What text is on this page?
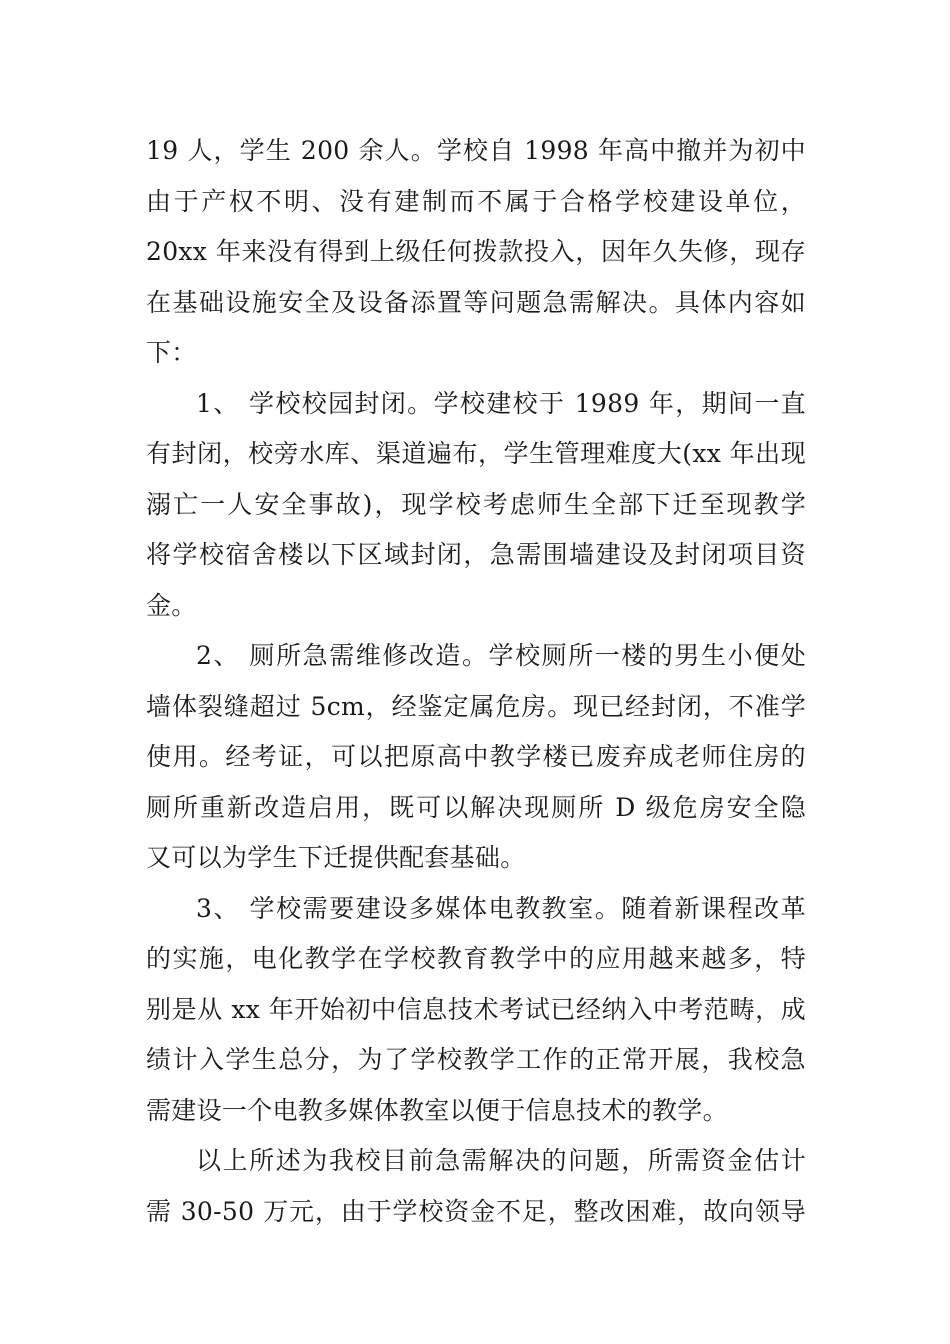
19 人，学生 200 余人。学校自 1998 年高中撤并为初中
由于产权不明、没有建制而不属于合格学校建设单位，
20xx 年来没有得到上级任何拨款投入，因年久失修，现存
在基础设施安全及设备添置等问题急需解决。具体内容如
下：
1、 学校校园封闭。学校建校于 1989 年，期间一直
有封闭，校旁水库、渠道遍布，学生管理难度大(xx 年出现
溺亡一人安全事故)，现学校考虑师生全部下迁至现教学
将学校宿舍楼以下区域封闭，急需围墙建设及封闭项目资
金。
2、 厕所急需维修改造。学校厕所一楼的男生小便处
墙体裂缝超过 5cm，经鉴定属危房。现已经封闭，不准学
使用。经考证，可以把原高中教学楼已废弃成老师住房的
厕所重新改造启用，既可以解决现厕所 D 级危房安全隐
又可以为学生下迁提供配套基础。
3、 学校需要建设多媒体电教教室。随着新课程改革
的实施，电化教学在学校教育教学中的应用越来越多，特
别是从 xx 年开始初中信息技术考试已经纳入中考范畴，成
绩计入学生总分，为了学校教学工作的正常开展，我校急
需建设一个电教多媒体教室以便于信息技术的教学。
以上所述为我校目前急需解决的问题，所需资金估计
需 30-50 万元，由于学校资金不足，整改困难，故向领导
